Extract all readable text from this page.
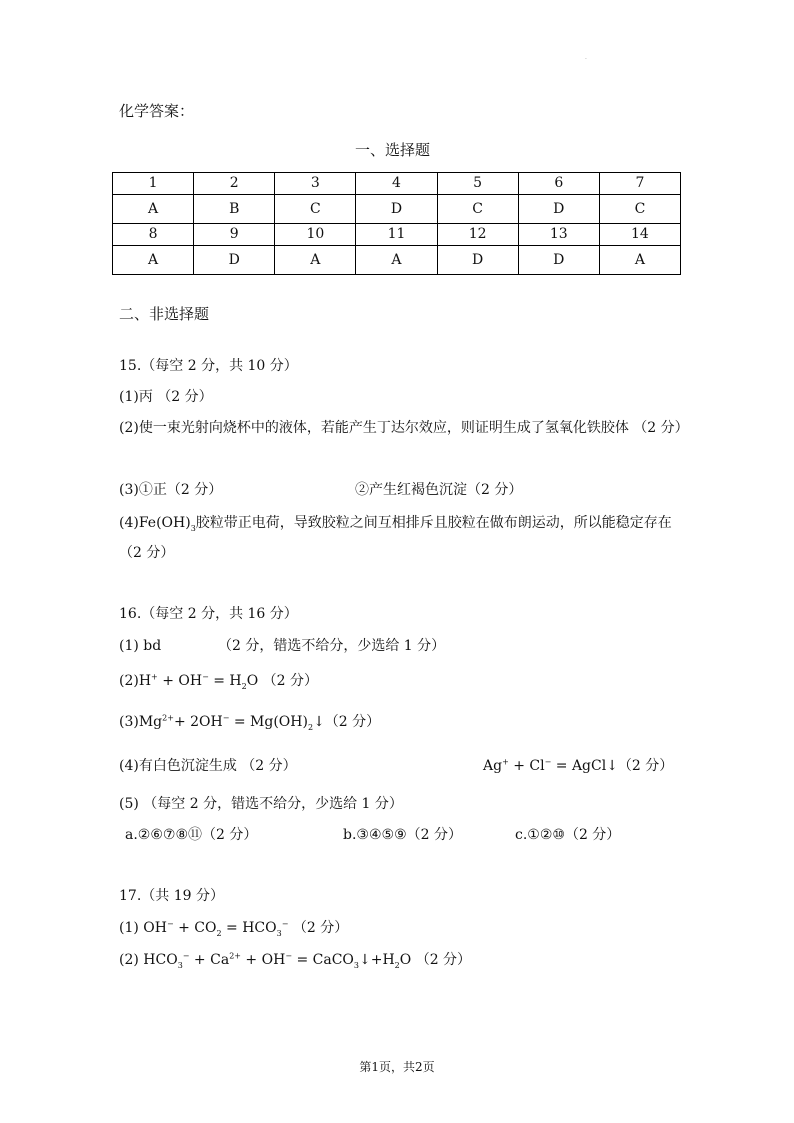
·
化学答案：
一、选择题
1	2	3	4	5	6	7
A	B	C	D	C	D	C
8	9	10	11	12	13	14
A	D	A	A	D	D	A
二、非选择题
15.（每空 2 分，共 10 分）
(1)丙 （2 分）
(2)使一束光射向烧杯中的液体，若能产生丁达尔效应，则证明生成了氢氧化铁胶体 （2 分）
(3)①正（2 分）	②产生红褐色沉淀（2 分）
$(4)Fe(OH)_3$胶粒带正电荷，导致胶粒之间互相排斥且胶粒在做布朗运动，所以能稳定存在（2 分）
16.（每空 2 分，共 16 分）
(1) bd	（2 分，错选不给分，少选给 1 分）
$(2)H^+ + OH^- = H_2O$ （2 分）
$(3)Mg^{2+}+ 2OH^-$ = $Mg(OH)_2↓(2$ 分）
(4)有白色沉淀生成 （2 分）	Ag+ + Cl− = AgCl↓（2 分）
(5) （每空 2 分，错选不给分，少选给 1 分）
a.②⑥⑦⑧⑪（2 分）	b.③④⑤⑨（2 分）	c.①②⑩（2 分）
17.（共 19 分）
(1) $OH^- + CO_2 = HCO_3^-$ （2 分）
(2) $HCO_3^- + Ca^{2+} + OH^-$ = $CaCO_3↓+H_2O$ （2 分）
第1页，共2页
